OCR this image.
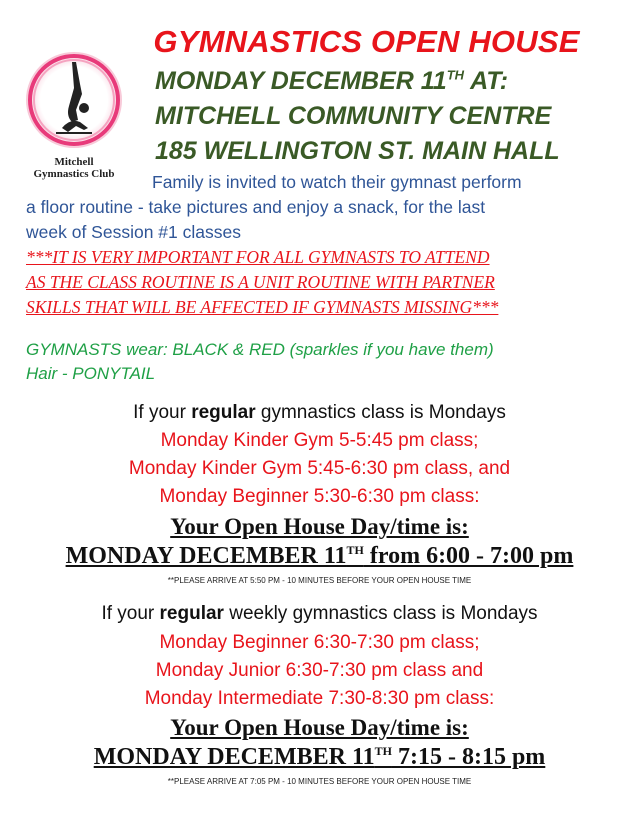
Mitchell
Gymnastics Club
GYMNASTICS OPEN HOUSE
MONDAY DECEMBER 11TH AT:
MITCHELL COMMUNITY CENTRE
185 WELLINGTON ST. MAIN HALL
Family is invited to watch their gymnast perform
a floor routine - take pictures and enjoy a snack, for the last
week of Session #1 classes
***IT IS VERY IMPORTANT FOR ALL GYMNASTS TO ATTEND
AS THE CLASS ROUTINE IS A UNIT ROUTINE WITH PARTNER
SKILLS THAT WILL BE AFFECTED IF GYMNASTS MISSING***
GYMNASTS wear: BLACK & RED (sparkles if you have them)
Hair - PONYTAIL
If your regular gymnastics class is Mondays
Monday Kinder Gym 5-5:45 pm class;
Monday Kinder Gym 5:45-6:30 pm class, and
Monday Beginner 5:30-6:30 pm class:
Your Open House Day/time is:
MONDAY DECEMBER 11TH from 6:00 - 7:00 pm
**PLEASE ARRIVE AT 5:50 PM - 10 MINUTES BEFORE YOUR OPEN HOUSE TIME
If your regular weekly gymnastics class is Mondays
Monday Beginner 6:30-7:30 pm class;
Monday Junior 6:30-7:30 pm class and
Monday Intermediate 7:30-8:30 pm class:
Your Open House Day/time is:
MONDAY DECEMBER 11TH 7:15 - 8:15 pm
**PLEASE ARRIVE AT 7:05 PM - 10 MINUTES BEFORE YOUR OPEN HOUSE TIME
